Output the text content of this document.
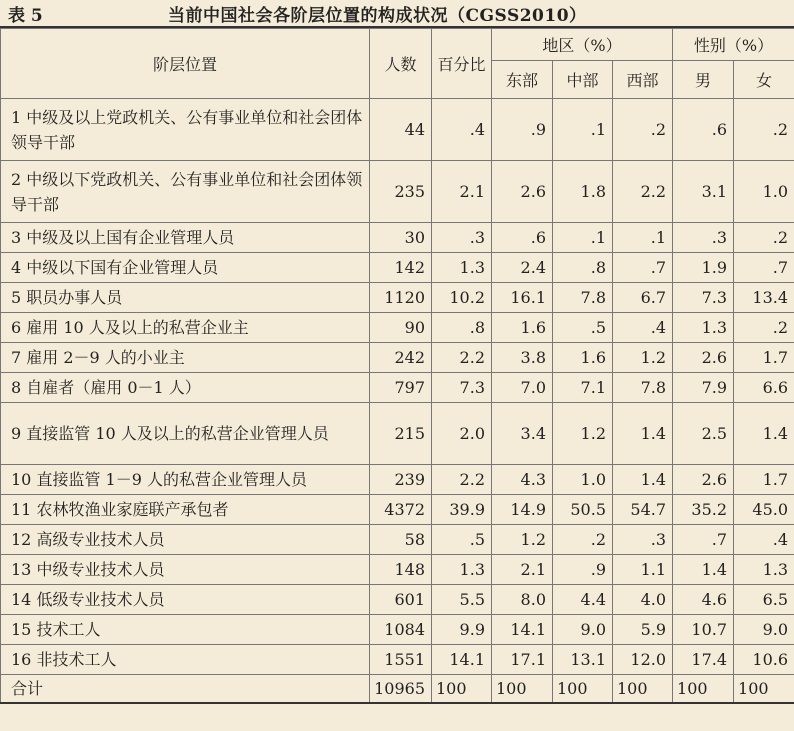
表 5	当前中国社会各阶层位置的构成状况（CGSS2010）
阶层位置	人数	百分比	地区（%）			性别（%）	
			东部	中部	西部	男	女
1 中级及以上党政机关、公有事业单位和社会团体领导干部	44	.4	.9	.1	.2	.6	.2
2 中级以下党政机关、公有事业单位和社会团体领导干部	235	2.1	2.6	1.8	2.2	3.1	1.0
3 中级及以上国有企业管理人员	30	.3	.6	.1	.1	.3	.2
4 中级以下国有企业管理人员	142	1.3	2.4	.8	.7	1.9	.7
5 职员办事人员	1120	10.2	16.1	7.8	6.7	7.3	13.4
6 雇用 10 人及以上的私营企业主	90	.8	1.6	.5	.4	1.3	.2
7 雇用 2－9 人的小业主	242	2.2	3.8	1.6	1.2	2.6	1.7
8 自雇者（雇用 0－1 人）	797	7.3	7.0	7.1	7.8	7.9	6.6
9 直接监管 10 人及以上的私营企业管理人员	215	2.0	3.4	1.2	1.4	2.5	1.4
10 直接监管 1－9 人的私营企业管理人员	239	2.2	4.3	1.0	1.4	2.6	1.7
11 农林牧渔业家庭联产承包者	4372	39.9	14.9	50.5	54.7	35.2	45.0
12 高级专业技术人员	58	.5	1.2	.2	.3	.7	.4
13 中级专业技术人员	148	1.3	2.1	.9	1.1	1.4	1.3
14 低级专业技术人员	601	5.5	8.0	4.4	4.0	4.6	6.5
15 技术工人	1084	9.9	14.1	9.0	5.9	10.7	9.0
16 非技术工人	1551	14.1	17.1	13.1	12.0	17.4	10.6
合计	10965	100	100	100	100	100	100
